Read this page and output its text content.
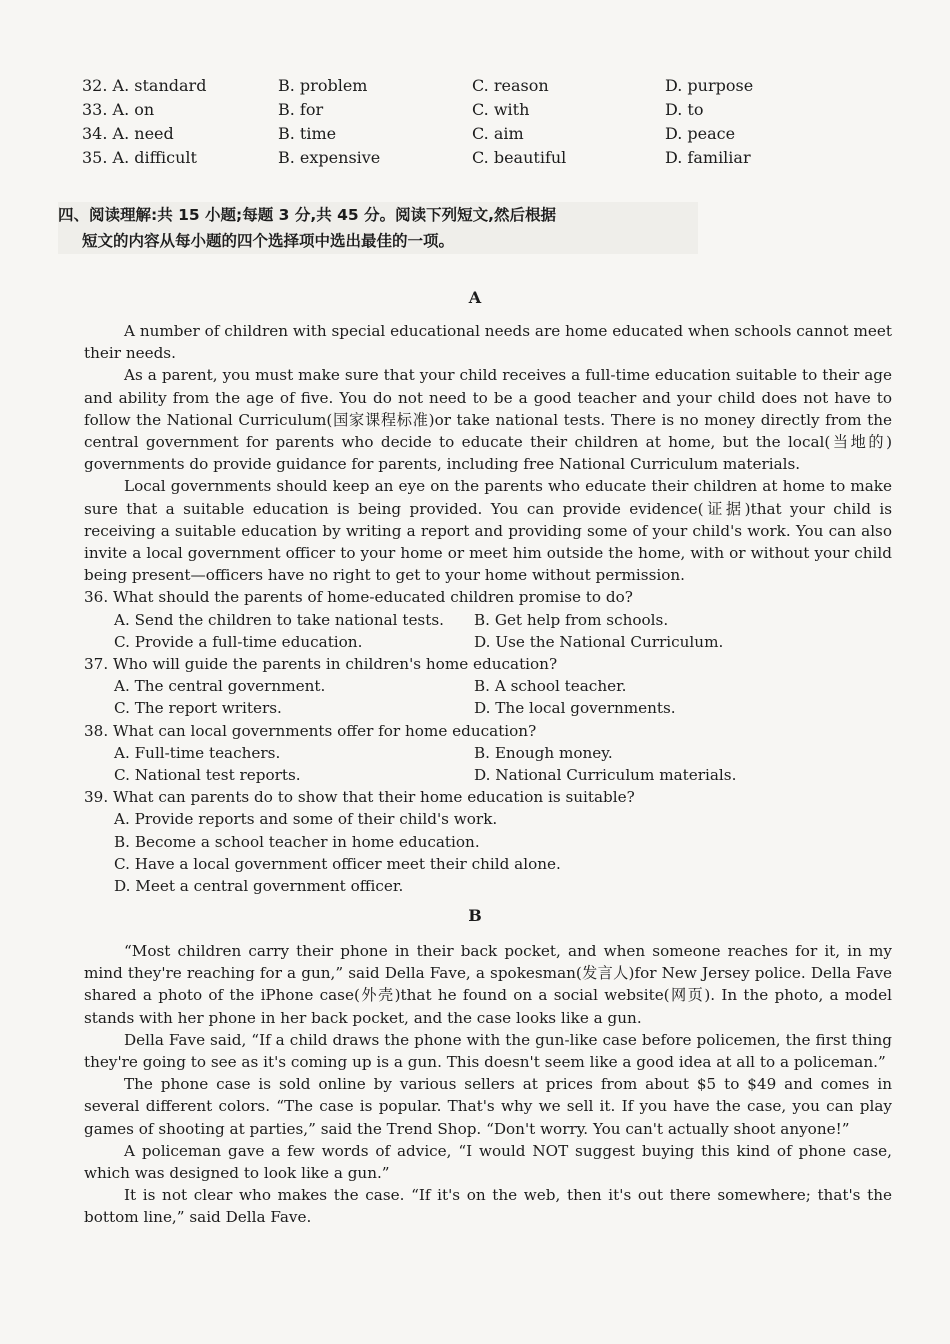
32. A. standard	B. problem	C. reason	D. purpose
33. A. on	B. for	C. with	D. to
34. A. need	B. time	C. aim	D. peace
35. A. difficult	B. expensive	C. beautiful	D. familiar
四、阅读理解:共 15 小题;每题 3 分,共 45 分。阅读下列短文,然后根据
短文的内容从每小题的四个选择项中选出最佳的一项。
A

A number of children with special educational needs are home educated when schools cannot meet their needs.

As a parent, you must make sure that your child receives a full-time education suitable to their age and ability from the age of five. You do not need to be a good teacher and your child does not have to follow the National Curriculum(国家课程标准)or take national tests. There is no money directly from the central government for parents who decide to educate their children at home, but the local(当地的) governments do provide guidance for parents, including free National Curriculum materials.

Local governments should keep an eye on the parents who educate their children at home to make sure that a suitable education is being provided. You can provide evidence(证据)that your child is receiving a suitable education by writing a report and providing some of your child's work. You can also invite a local government officer to your home or meet him outside the home, with or without your child being present—officers have no right to get to your home without permission.

36. What should the parents of home-educated children promise to do?

A. Send the children to take national tests. B. Get help from schools.
C. Provide a full-time education.	D. Use the National Curriculum.

37. Who will guide the parents in children's home education?

A. The central government.	B. A school teacher.
C. The report writers.	D. The local governments.

38. What can local governments offer for home education?

A. Full-time teachers.	B. Enough money.
C. National test reports.	D. National Curriculum materials.

39. What can parents do to show that their home education is suitable?

A. Provide reports and some of their child's work.
B. Become a school teacher in home education.
C. Have a local government officer meet their child alone.
D. Meet a central government officer.
B

“Most children carry their phone in their back pocket, and when someone reaches for it, in my mind they're reaching for a gun,” said Della Fave, a spokesman(发言人)for New Jersey police. Della Fave shared a photo of the iPhone case(外壳)that he found on a social website(网页). In the photo, a model stands with her phone in her back pocket, and the case looks like a gun.

Della Fave said, “If a child draws the phone with the gun-like case before policemen, the first thing they're going to see as it's coming up is a gun. This doesn't seem like a good idea at all to a policeman.”

The phone case is sold online by various sellers at prices from about $5 to $49 and comes in several different colors. “The case is popular. That's why we sell it. If you have the case, you can play games of shooting at parties,” said the Trend Shop. “Don't worry. You can't actually shoot anyone!”

A policeman gave a few words of advice, “I would NOT suggest buying this kind of phone case, which was designed to look like a gun.”

It is not clear who makes the case. “If it's on the web, then it's out there somewhere; that's the bottom line,” said Della Fave.
